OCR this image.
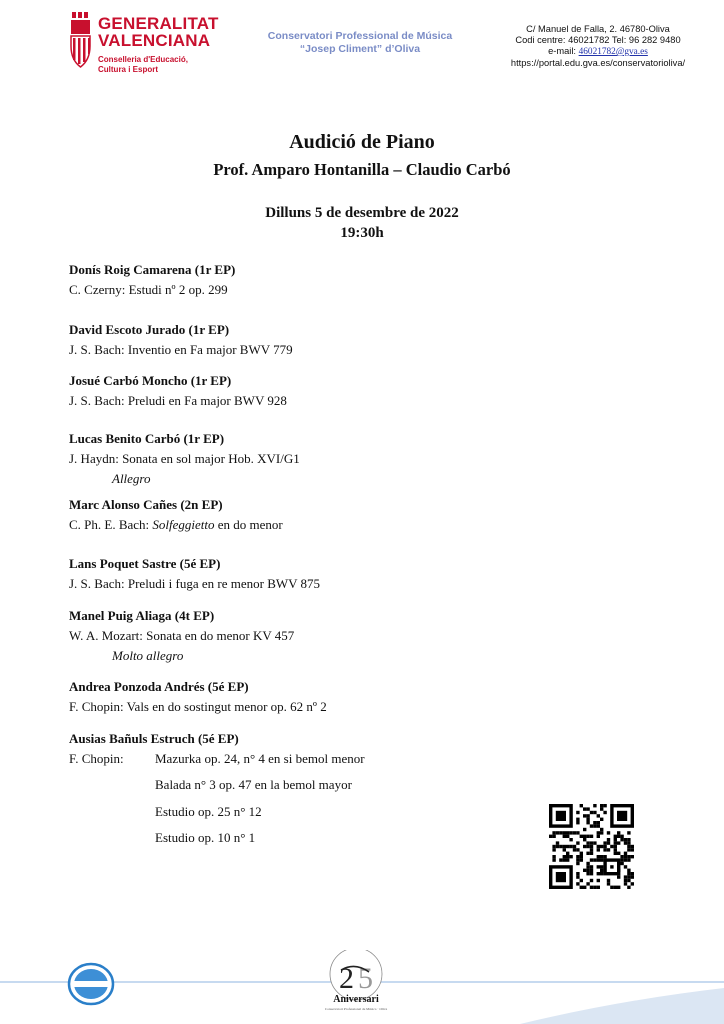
GENERALITAT
VALENCIANA
Conselleria d'Educació,
Cultura i Esport
Conservatori Professional de Música
“Josep Climent” d’Oliva
C/ Manuel de Falla, 2. 46780-Oliva
Codi centre: 46021782 Tel: 96 282 9480
e-mail: 46021782@gva.es
https://portal.edu.gva.es/conservatorioliva/
Audició de Piano
Prof. Amparo Hontanilla – Claudio Carbó
Dilluns 5 de desembre de 2022
19:30h
Donís Roig Camarena (1r EP)
C. Czerny: Estudi nº 2 op. 299
David Escoto Jurado (1r EP)
J. S. Bach: Inventio en Fa major BWV 779
Josué Carbó Moncho (1r EP)
J. S. Bach: Preludi en Fa major BWV 928
Lucas Benito Carbó (1r EP)
J. Haydn: Sonata en sol major Hob. XVI/G1
Allegro
Marc Alonso Cañes (2n EP)
C. Ph. E. Bach: Solfeggietto en do menor
Lans Poquet Sastre (5é EP)
J. S. Bach: Preludi i fuga en re menor BWV 875
Manel Puig Aliaga (4t EP)
W. A. Mozart: Sonata en do menor KV 457
Molto allegro
Andrea Ponzoda Andrés (5é EP)
F. Chopin: Vals en do sostingut menor op. 62 nº 2
Ausias Bañuls Estruch (5é EP)
F. Chopin:	Mazurka op. 24, n° 4 en si bemol menor
Balada n° 3 op. 47 en la bemol mayor
Estudio op. 25 n° 12
Estudio op. 10 n° 1
2 5
Aniversari
Conservatori Professional de Música · Oliva
